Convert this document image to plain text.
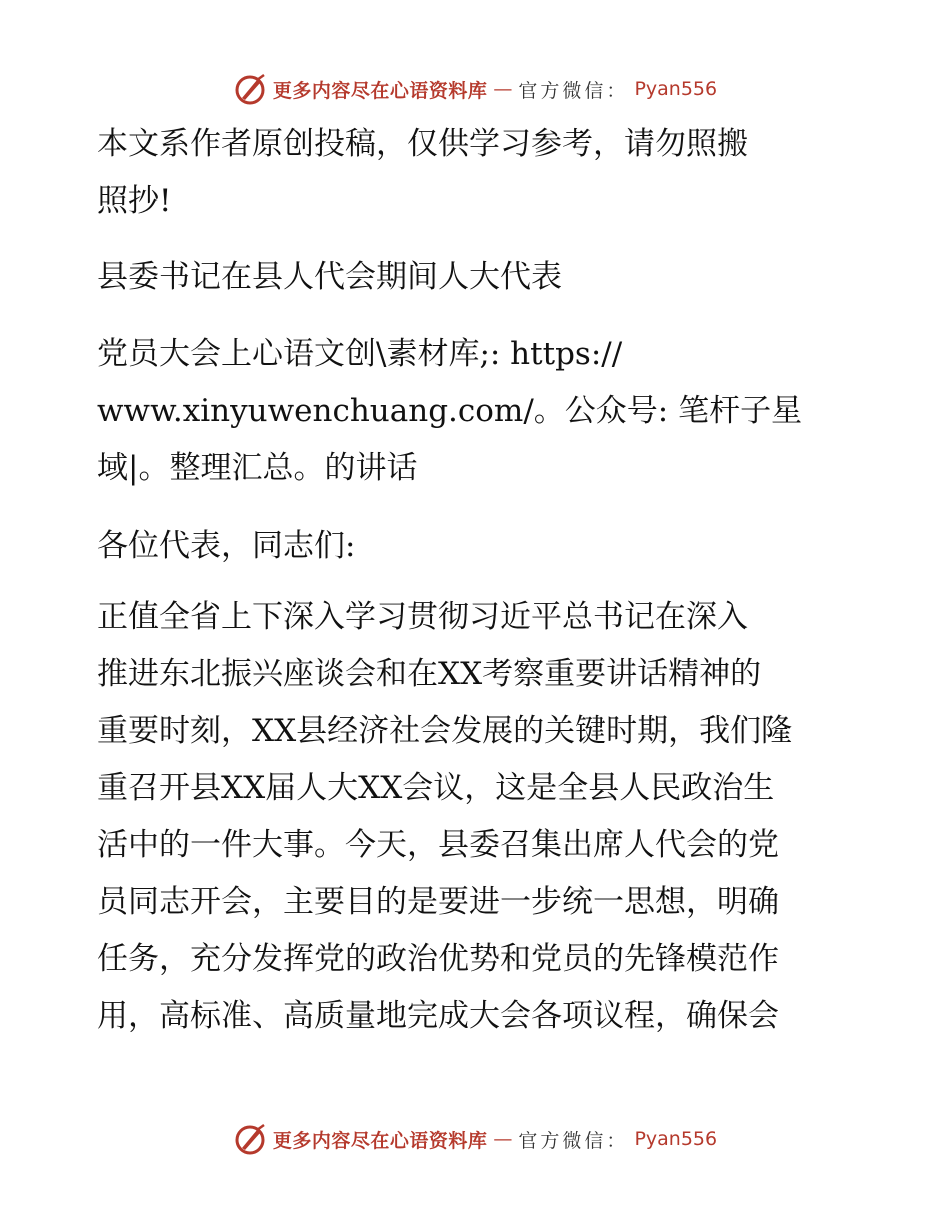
更多内容尽在心语资料库 — 官方微信： Pyan556
本文系作者原创投稿，仅供学习参考，请勿照搬
照抄!
县委书记在县人代会期间人大代表
党员大会上心语文创\素材库;: https://
www.xinyuwenchuang.com/。公众号: 笔杆子星
域|。整理汇总。的讲话
各位代表，同志们:
正值全省上下深入学习贯彻习近平总书记在深入
推进东北振兴座谈会和在XX考察重要讲话精神的
重要时刻，XX县经济社会发展的关键时期，我们隆
重召开县XX届人大XX会议，这是全县人民政治生
活中的一件大事。今天，县委召集出席人代会的党
员同志开会，主要目的是要进一步统一思想，明确
任务，充分发挥党的政治优势和党员的先锋模范作
用，高标准、高质量地完成大会各项议程，确保会
更多内容尽在心语资料库 — 官方微信： Pyan556
